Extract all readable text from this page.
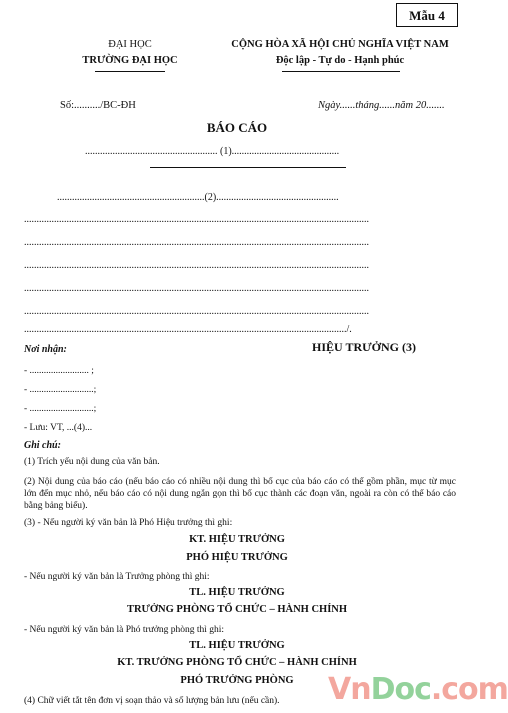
Mẫu 4
ĐẠI HỌC
TRƯỜNG ĐẠI HỌC
CỘNG HÒA XÃ HỘI CHỦ NGHĨA VIỆT NAM
Độc lập - Tự do - Hạnh phúc
Số:........../BC-ĐH	Ngày......tháng......năm 20.......
BÁO CÁO
..................................................... (1)...........................................
...........................................................(2).................................................
..........................................................................................................................................
..........................................................................................................................................
..........................................................................................................................................
..........................................................................................................................................
..........................................................................................................................................
................................................................................................................................./.
Nơi nhận:	HIỆU TRƯỞNG (3)
- ......................... ;
- ...........................;
- ...........................;
- Lưu: VT, ...(4)...
Ghi chú:
(1) Trích yếu nội dung của văn bản.
(2) Nội dung của báo cáo (nếu báo cáo có nhiều nội dung thì bố cục của báo cáo có thể gồm phần, mục từ mục lớn đến mục nhỏ, nếu báo cáo có nội dung ngắn gọn thì bố cục thành các đoạn văn, ngoài ra còn có thể báo cáo bằng bảng biểu).
(3) - Nếu người ký văn bản là Phó Hiệu trưởng thì ghi:
KT. HIỆU TRƯỞNG
PHÓ HIỆU TRƯỞNG
- Nếu người ký văn bản là Trưởng phòng thì ghi:
TL. HIỆU TRƯỞNG
TRƯỞNG PHÒNG TỔ CHỨC – HÀNH CHÍNH
- Nếu người ký văn bản là Phó trưởng phòng thì ghi:
TL. HIỆU TRƯỞNG
KT. TRƯỞNG PHÒNG TỔ CHỨC – HÀNH CHÍNH
PHÓ TRƯỞNG PHÒNG
(4) Chữ viết tắt tên đơn vị soạn thảo và số lượng bản lưu (nếu cần).	VnDoc.com
